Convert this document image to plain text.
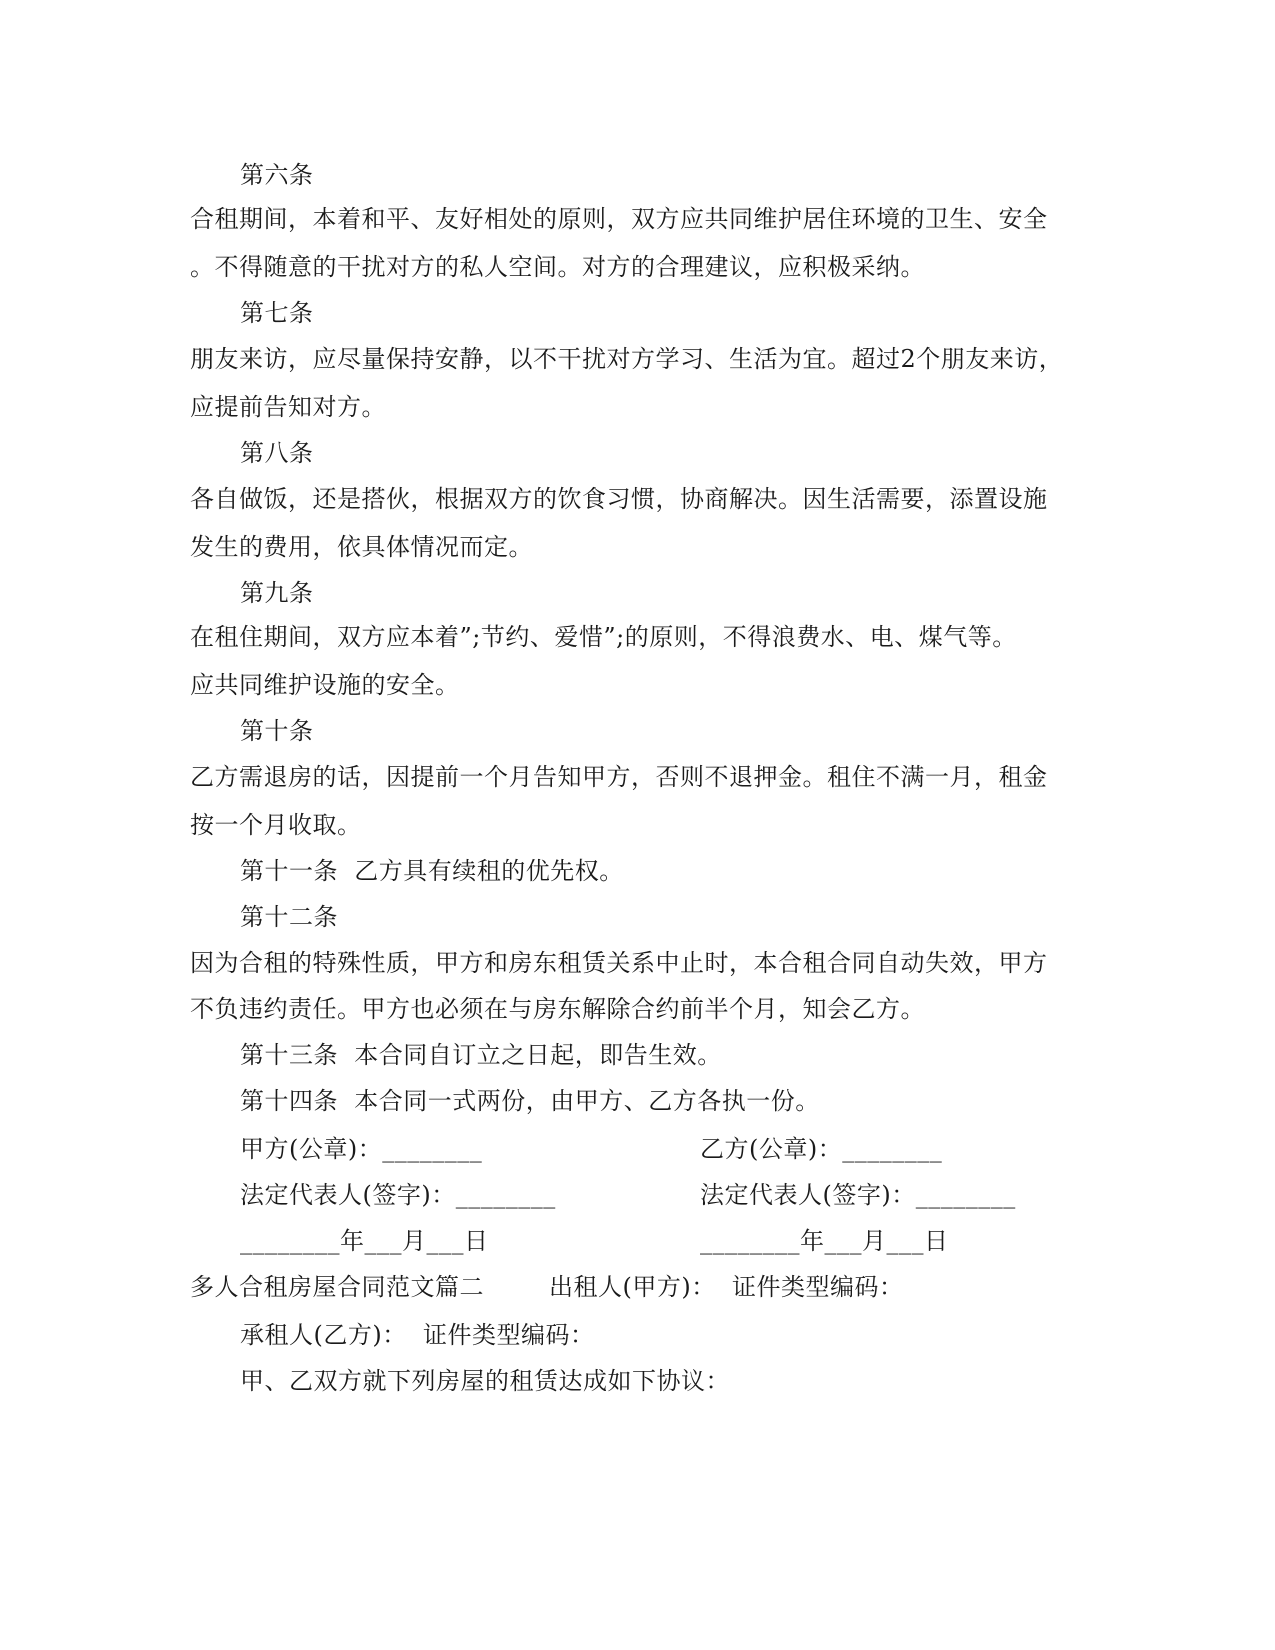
第六条
合租期间，本着和平、友好相处的原则，双方应共同维护居住环境的卫生、安全
。不得随意的干扰对方的私人空间。对方的合理建议，应积极采纳。
第七条
朋友来访，应尽量保持安静，以不干扰对方学习、生活为宜。超过2个朋友来访，
应提前告知对方。
第八条
各自做饭，还是搭伙，根据双方的饮食习惯，协商解决。因生活需要，添置设施
发生的费用，依具体情况而定。
第九条
在租住期间，双方应本着”;节约、爱惜”;的原则，不得浪费水、电、煤气等。
应共同维护设施的安全。
第十条
乙方需退房的话，因提前一个月告知甲方，否则不退押金。租住不满一月，租金
按一个月收取。
第十一条  乙方具有续租的优先权。
第十二条
因为合租的特殊性质，甲方和房东租赁关系中止时，本合租合同自动失效，甲方
不负违约责任。甲方也必须在与房东解除合约前半个月，知会乙方。
第十三条  本合同自订立之日起，即告生效。
第十四条  本合同一式两份，由甲方、乙方各执一份。
甲方(公章)：________	乙方(公章)：________
法定代表人(签字)：________	法定代表人(签字)：________
________年___月___日	________年___月___日
多人合租房屋合同范文篇二        出租人(甲方)：  证件类型编码：
承租人(乙方)：  证件类型编码：
甲、乙双方就下列房屋的租赁达成如下协议：
